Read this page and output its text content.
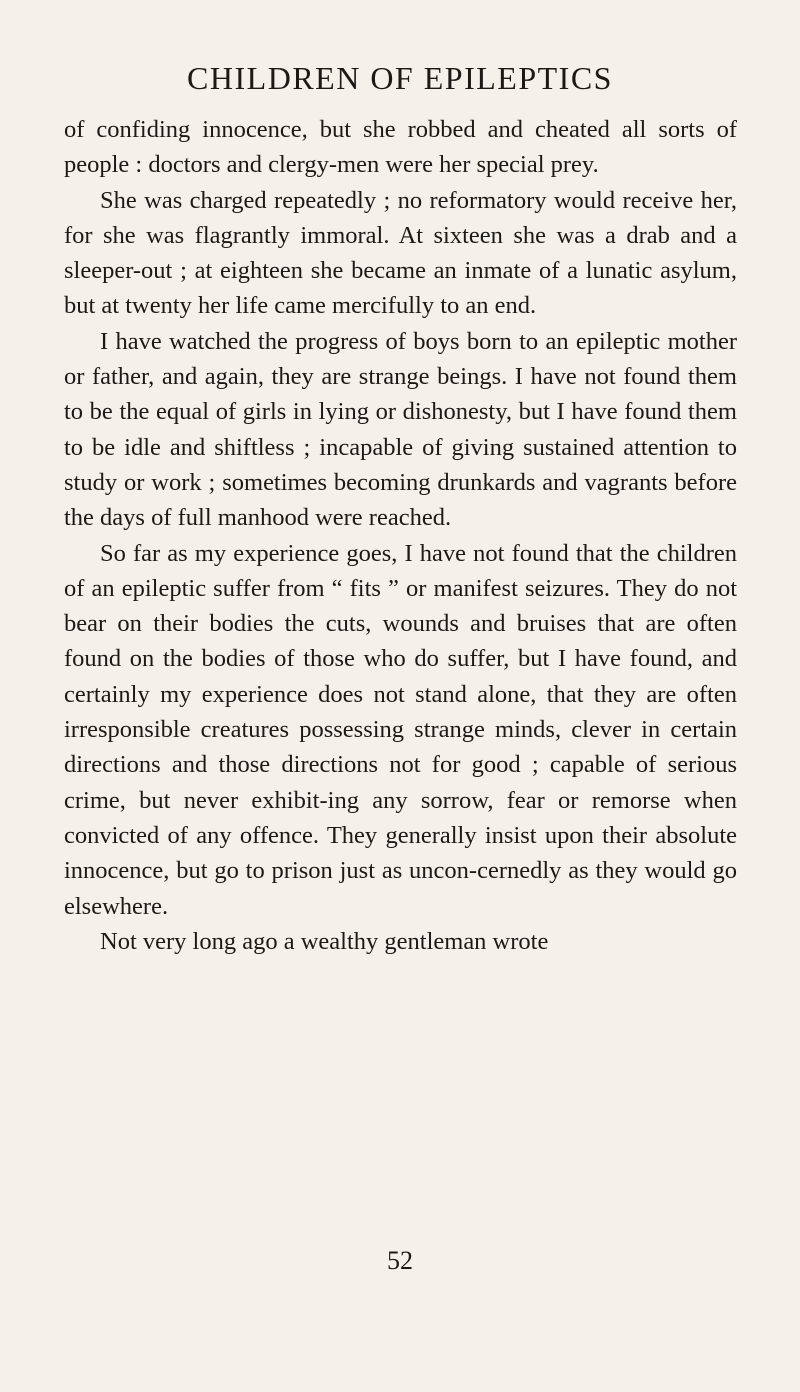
CHILDREN OF EPILEPTICS

of confiding innocence, but she robbed and cheated all sorts of people : doctors and clergy-men were her special prey.

She was charged repeatedly ; no reformatory would receive her, for she was flagrantly immoral. At sixteen she was a drab and a sleeper-out ; at eighteen she became an inmate of a lunatic asylum, but at twenty her life came mercifully to an end.

I have watched the progress of boys born to an epileptic mother or father, and again, they are strange beings. I have not found them to be the equal of girls in lying or dishonesty, but I have found them to be idle and shiftless ; incapable of giving sustained attention to study or work ; sometimes becoming drunkards and vagrants before the days of full manhood were reached.

So far as my experience goes, I have not found that the children of an epileptic suffer from “ fits ” or manifest seizures. They do not bear on their bodies the cuts, wounds and bruises that are often found on the bodies of those who do suffer, but I have found, and certainly my experience does not stand alone, that they are often irresponsible creatures possessing strange minds, clever in certain directions and those directions not for good ; capable of serious crime, but never exhibit-ing any sorrow, fear or remorse when convicted of any offence. They generally insist upon their absolute innocence, but go to prison just as uncon-cernedly as they would go elsewhere.

Not very long ago a wealthy gentleman wrote

52
